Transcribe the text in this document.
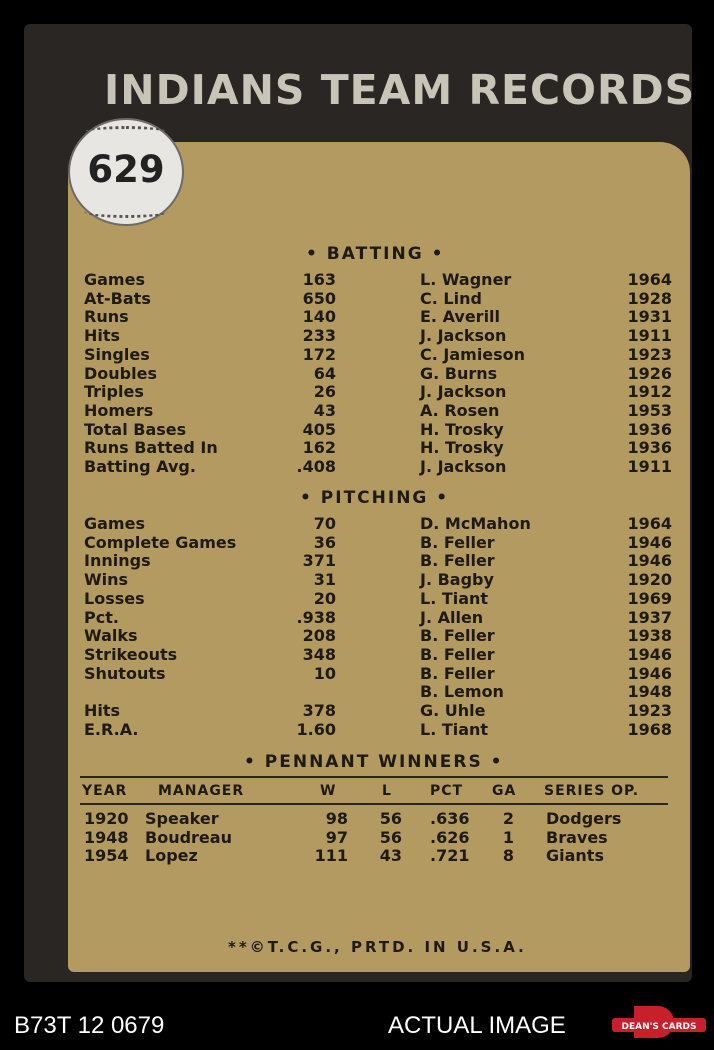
INDIANS TEAM RECORDS
629
• BATTING •
Games	163	L. Wagner	1964
At-Bats	650	C. Lind	1928
Runs	140	E. Averill	1931
Hits	233	J. Jackson	1911
Singles	172	C. Jamieson	1923
Doubles	64	G. Burns	1926
Triples	26	J. Jackson	1912
Homers	43	A. Rosen	1953
Total Bases	405	H. Trosky	1936
Runs Batted In	162	H. Trosky	1936
Batting Avg.	.408	J. Jackson	1911
• PITCHING •
Games	70	D. McMahon	1964
Complete Games	36	B. Feller	1946
Innings	371	B. Feller	1946
Wins	31	J. Bagby	1920
Losses	20	L. Tiant	1969
Pct.	.938	J. Allen	1937
Walks	208	B. Feller	1938
Strikeouts	348	B. Feller	1946
Shutouts	10	B. Feller	1946
B. Lemon	1948
Hits	378	G. Uhle	1923
E.R.A.	1.60	L. Tiant	1968
• PENNANT WINNERS •
YEAR MANAGER	W	L	PCT GA SERIES OP.
1920 Speaker	98	56 .636	2 Dodgers
1948 Boudreau	97	56 .626	1 Braves
1954 Lopez	111	43 .721	8 Giants
**©T.C.G., PRTD. IN U.S.A.
B73T 12 0679	ACTUAL IMAGE	DEAN'S CARDS
